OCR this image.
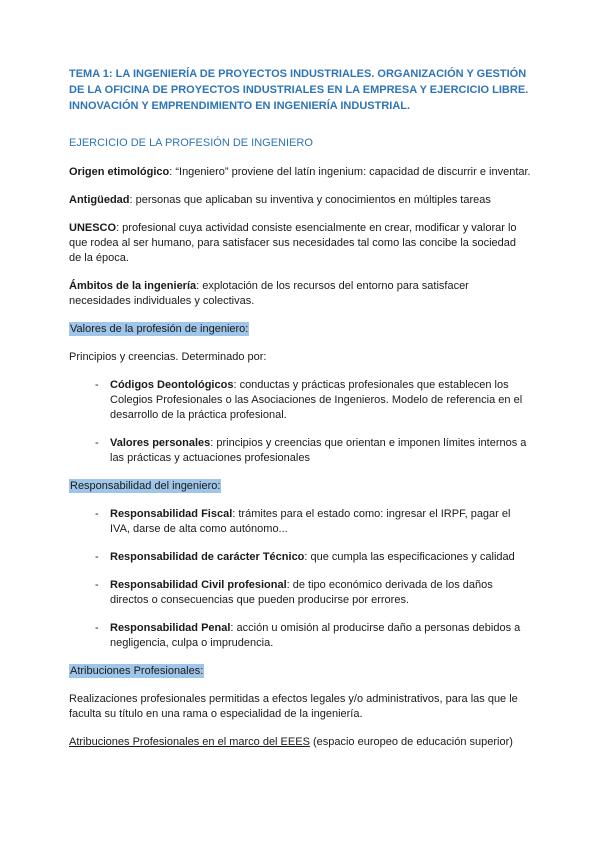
TEMA 1: LA INGENIERÍA DE PROYECTOS INDUSTRIALES. ORGANIZACIÓN Y GESTIÓN DE LA OFICINA DE PROYECTOS INDUSTRIALES EN LA EMPRESA Y EJERCICIO LIBRE. INNOVACIÓN Y EMPRENDIMIENTO EN INGENIERÍA INDUSTRIAL.

EJERCICIO DE LA PROFESIÓN DE INGENIERO

Origen etimológico: “Ingeniero” proviene del latín ingenium: capacidad de discurrir e inventar.

Antigüedad: personas que aplicaban su inventiva y conocimientos en múltiples tareas

UNESCO: profesional cuya actividad consiste esencialmente en crear, modificar y valorar lo que rodea al ser humano, para satisfacer sus necesidades tal como las concibe la sociedad de la época.

Ámbitos de la ingeniería: explotación de los recursos del entorno para satisfacer necesidades individuales y colectivas.

Valores de la profesión de ingeniero:

Principios y creencias. Determinado por:

-	Códigos Deontológicos: conductas y prácticas profesionales que establecen los Colegios Profesionales o las Asociaciones de Ingenieros. Modelo de referencia en el desarrollo de la práctica profesional.
-	Valores personales: principios y creencias que orientan e imponen límites internos a las prácticas y actuaciones profesionales

Responsabilidad del ingeniero:

-	Responsabilidad Fiscal: trámites para el estado como: ingresar el IRPF, pagar el IVA, darse de alta como autónomo...
-	Responsabilidad de carácter Técnico: que cumpla las especificaciones y calidad
-	Responsabilidad Civil profesional: de tipo económico derivada de los daños directos o consecuencias que pueden producirse por errores.
-	Responsabilidad Penal: acción u omisión al producirse daño a personas debidos a negligencia, culpa o imprudencia.

Atribuciones Profesionales:

Realizaciones profesionales permitidas a efectos legales y/o administrativos, para las que le faculta su título en una rama o especialidad de la ingeniería.

Atribuciones Profesionales en el marco del EEES (espacio europeo de educación superior)
